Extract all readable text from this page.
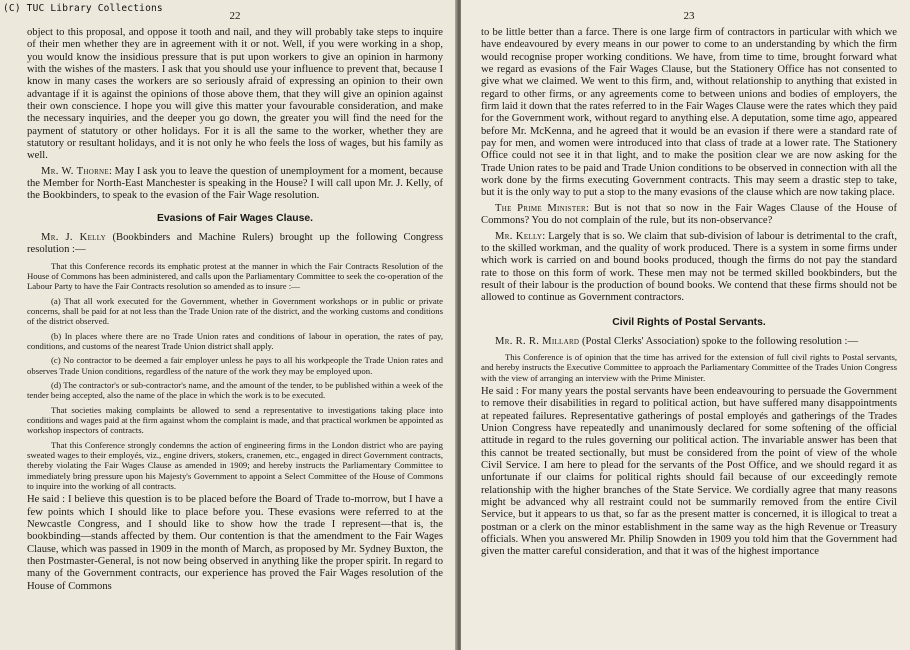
22

object to this proposal, and oppose it tooth and nail, and they will probably take steps to inquire of their men whether they are in agreement with it or not. Well, if you were working in a shop, you would know the insidious pressure that is put upon workers to give an opinion in harmony with the wishes of the masters. I ask that you should use your influence to prevent that, because I know in many cases the workers are so seriously afraid of expressing an opinion to their own advantage if it is against the opinions of those above them, that they will give an opinion against their own conscience. I hope you will give this matter your favourable consideration, and make the necessary inquiries, and the deeper you go down, the greater you will find the need for the payment of statutory or other holidays. For it is all the same to the worker, whether they are statutory or resultant holidays, and it is not only he who feels the loss of wages, but his family as well.

Mr. W. Thorne: May I ask you to leave the question of unemployment for a moment, because the Member for North-East Manchester is speaking in the House? I will call upon Mr. J. Kelly, of the Bookbinders, to speak to the evasion of the Fair Wage resolution.

Evasions of Fair Wages Clause.

Mr. J. Kelly (Bookbinders and Machine Rulers) brought up the following Congress resolution :—

That this Conference records its emphatic protest at the manner in which the Fair Contracts Resolution of the House of Commons has been administered, and calls upon the Parliamentary Committee to seek the co-operation of the Labour Party to have the Fair Contracts resolution so amended as to insure :—

(a) That all work executed for the Government, whether in Government workshops or in public or private concerns, shall be paid for at not less than the Trade Union rate of the district, and the working customs and conditions of the district observed.

(b) In places where there are no Trade Union rates and conditions of labour in operation, the rates of pay, conditions, and customs of the nearest Trade Union district shall apply.

(c) No contractor to be deemed a fair employer unless he pays to all his workpeople the Trade Union rates and observes Trade Union conditions, regardless of the nature of the work they may be employed upon.

(d) The contractor's or sub-contractor's name, and the amount of the tender, to be published within a week of the tender being accepted, also the name of the place in which the work is to be executed.

That societies making complaints be allowed to send a representative to investigations taking place into conditions and wages paid at the firm against whom the complaint is made, and that practical workmen be appointed as workshop inspectors of contracts.

That this Conference strongly condemns the action of engineering firms in the London district who are paying sweated wages to their employés, viz., engine drivers, stokers, cranemen, etc., engaged in direct Government contracts, thereby violating the Fair Wages Clause as amended in 1909; and hereby instructs the Parliamentary Committee to immediately bring pressure upon his Majesty's Government to appoint a Select Committee of the House of Commons to inquire into the working of all contracts.

He said : I believe this question is to be placed before the Board of Trade to-morrow, but I have a few points which I should like to place before you. These evasions were referred to at the Newcastle Congress, and I should like to show how the trade I represent—that is, the bookbinding—stands affected by them. Our contention is that the amendment to the Fair Wages Clause, which was passed in 1909 in the month of March, as proposed by Mr. Sydney Buxton, the then Postmaster-General, is not now being observed in anything like the proper spirit. In regard to many of the Government contracts, our experience has proved the Fair Wages resolution of the House of Commons

23

to be little better than a farce. There is one large firm of contractors in particular with which we have endeavoured by every means in our power to come to an understanding by which the firm would recognise proper working conditions. We have, from time to time, brought forward what we regard as evasions of the Fair Wages Clause, but the Stationery Office has not consented to give what we claimed. We went to this firm, and, without relationship to anything that existed in regard to other firms, or any agreements come to between unions and bodies of employers, the firm laid it down that the rates referred to in the Fair Wages Clause were the rates which they paid for the Government work, without regard to anything else. A deputation, some time ago, appeared before Mr. McKenna, and he agreed that it would be an evasion if there were a standard rate of pay for men, and women were introduced into that class of trade at a lower rate. The Stationery Office could not see it in that light, and to make the position clear we are now asking for the Trade Union rates to be paid and Trade Union conditions to be observed in connection with all the work done by the firms executing Government contracts. This may seem a drastic step to take, but it is the only way to put a stop to the many evasions of the clause which are now taking place.

The Prime Minister: But is not that so now in the Fair Wages Clause of the House of Commons? You do not complain of the rule, but its non-observance?

Mr. Kelly: Largely that is so. We claim that sub-division of labour is detrimental to the craft, to the skilled workman, and the quality of work produced. There is a system in some firms under which work is carried on and bound books produced, though the firms do not pay the standard rate to those on this form of work. These men may not be termed skilled bookbinders, but the result of their labour is the production of bound books. We contend that these firms should not be allowed to continue as Government contractors.

Civil Rights of Postal Servants.

Mr. R. R. Millard (Postal Clerks' Association) spoke to the following resolution :—

This Conference is of opinion that the time has arrived for the extension of full civil rights to Postal servants, and hereby instructs the Executive Committee to approach the Parliamentary Committee of the Trades Union Congress with the view of arranging an interview with the Prime Minister.

He said : For many years the postal servants have been endeavouring to persuade the Government to remove their disabilities in regard to political action, but have suffered many disappointments at repeated failures. Representative gatherings of postal employés and gatherings of the Trades Union Congress have repeatedly and unanimously declared for some softening of the official attitude in regard to the rules governing our political action. The invariable answer has been that this cannot be treated sectionally, but must be considered from the point of view of the whole Civil Service. I am here to plead for the servants of the Post Office, and we should regard it as unfortunate if our claims for political rights should fail because of our exceedingly remote relationship with the higher branches of the State Service. We cordially agree that many reasons might be advanced why all restraint could not be summarily removed from the entire Civil Service, but it appears to us that, so far as the present matter is concerned, it is illogical to treat a postman or a clerk on the minor establishment in the same way as the high Revenue or Treasury officials. When you answered Mr. Philip Snowden in 1909 you told him that the Government had given the matter careful consideration, and that it was of the highest importance

(C) TUC Library Collections
